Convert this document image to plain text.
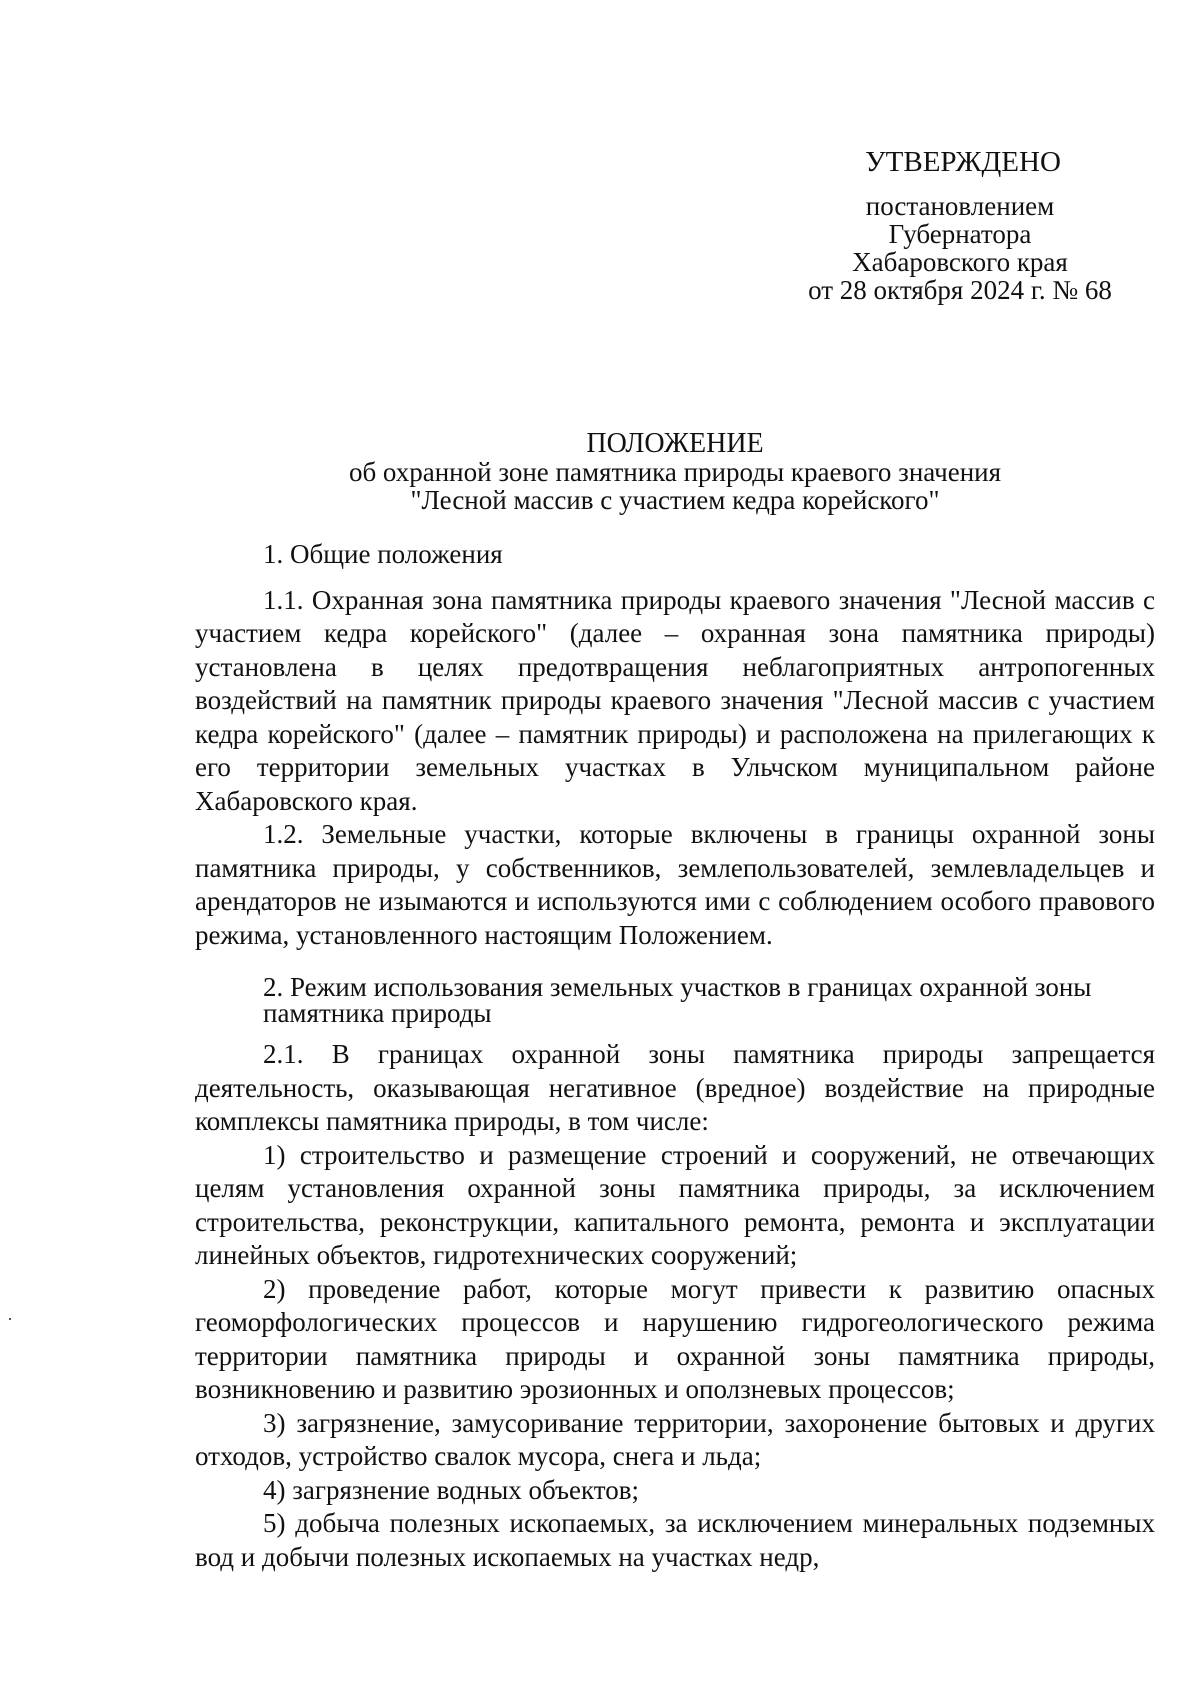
УТВЕРЖДЕНО
постановлением
Губернатора
Хабаровского края
от 28 октября 2024 г. № 68
ПОЛОЖЕНИЕ
об охранной зоне памятника природы краевого значения
"Лесной массив с участием кедра корейского"

1. Общие положения

1.1. Охранная зона памятника природы краевого значения "Лесной массив с участием кедра корейского" (далее – охранная зона памятника природы) установлена в целях предотвращения неблагоприятных антропогенных воздействий на памятник природы краевого значения "Лесной массив с участием кедра корейского" (далее – памятник природы) и расположена на прилегающих к его территории земельных участках в Ульчском муниципальном районе Хабаровского края.

1.2. Земельные участки, которые включены в границы охранной зоны памятника природы, у собственников, землепользователей, землевладельцев и арендаторов не изымаются и используются ими с соблюдением особого правового режима, установленного настоящим Положением.

2. Режим использования земельных участков в границах охранной зоны памятника природы

2.1. В границах охранной зоны памятника природы запрещается деятельность, оказывающая негативное (вредное) воздействие на природные комплексы памятника природы, в том числе:

1) строительство и размещение строений и сооружений, не отвечающих целям установления охранной зоны памятника природы, за исключением строительства, реконструкции, капитального ремонта, ремонта и эксплуатации линейных объектов, гидротехнических сооружений;

2) проведение работ, которые могут привести к развитию опасных геоморфологических процессов и нарушению гидрогеологического режима территории памятника природы и охранной зоны памятника природы, возникновению и развитию эрозионных и оползневых процессов;

3) загрязнение, замусоривание территории, захоронение бытовых и других отходов, устройство свалок мусора, снега и льда;

4) загрязнение водных объектов;

5) добыча полезных ископаемых, за исключением минеральных подземных вод и добычи полезных ископаемых на участках недр,
